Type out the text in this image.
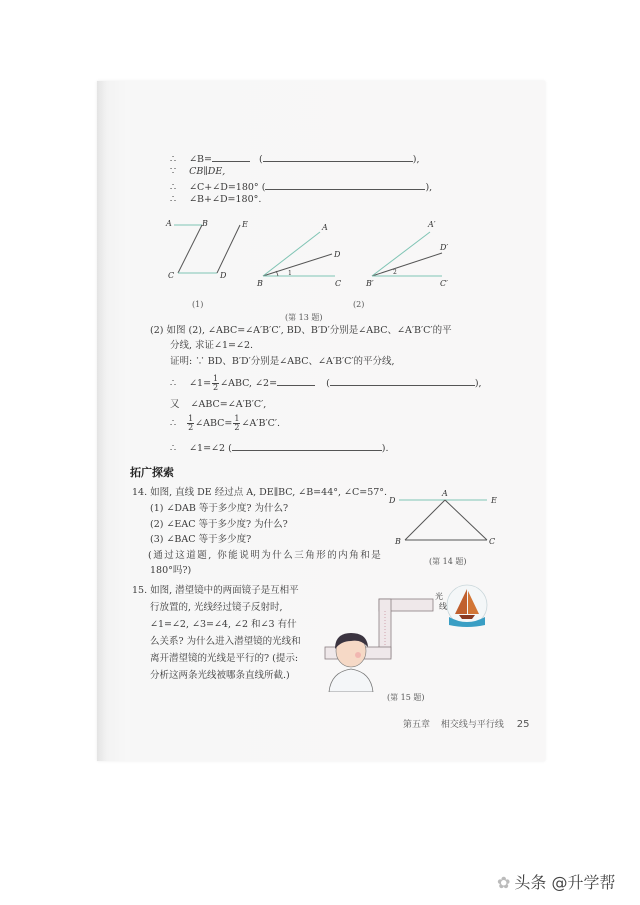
∴ ∠B=	(	),
∵ CB∥DE,
∴ ∠C+∠D=180° (	),
∴ ∠B+∠D=180°.
A	B
C	D
E	A
D
B	C
1
A′
D′
B′	C′
2
(1)	(2)
(第 13 题)
(2) 如图 (2), ∠ABC=∠A′B′C′, BD、B′D′分别是∠ABC、∠A′B′C′的平
分线, 求证∠1=∠2.
证明: ∵ BD、B′D′分别是∠ABC、∠A′B′C′的平分线,
∴ ∠1= $\frac{1}{2}$ ∠ABC, ∠2=	(	),
又 ∠ABC=∠A′B′C′,
∴ $\frac{1}{2}$ ∠ABC= $\frac{1}{2}$ ∠A′B′C′.
∴ ∠1=∠2 (	).
拓广探索
14. 如图, 直线 DE 经过点 A, DE∥BC, ∠B=44°, ∠C=57°.
(1) ∠DAB 等于多少度? 为什么?
(2) ∠EAC 等于多少度? 为什么?
(3) ∠BAC 等于多少度?
(通过这道题, 你能说明为什么三角形的内角和是
180°吗?)
D
A
E
B	C
(第 14 题)
15. 如图, 潜望镜中的两面镜子是互相平
行放置的, 光线经过镜子反射时,
∠1=∠2, ∠3=∠4, ∠2 和∠3 有什
么关系? 为什么进入潜望镜的光线和
离开潜望镜的光线是平行的? (提示:
分析这两条光线被哪条直线所截.)
光
线
(第 15 题)
第五章 相交线与平行线 25
✿ 头条 @升学帮
